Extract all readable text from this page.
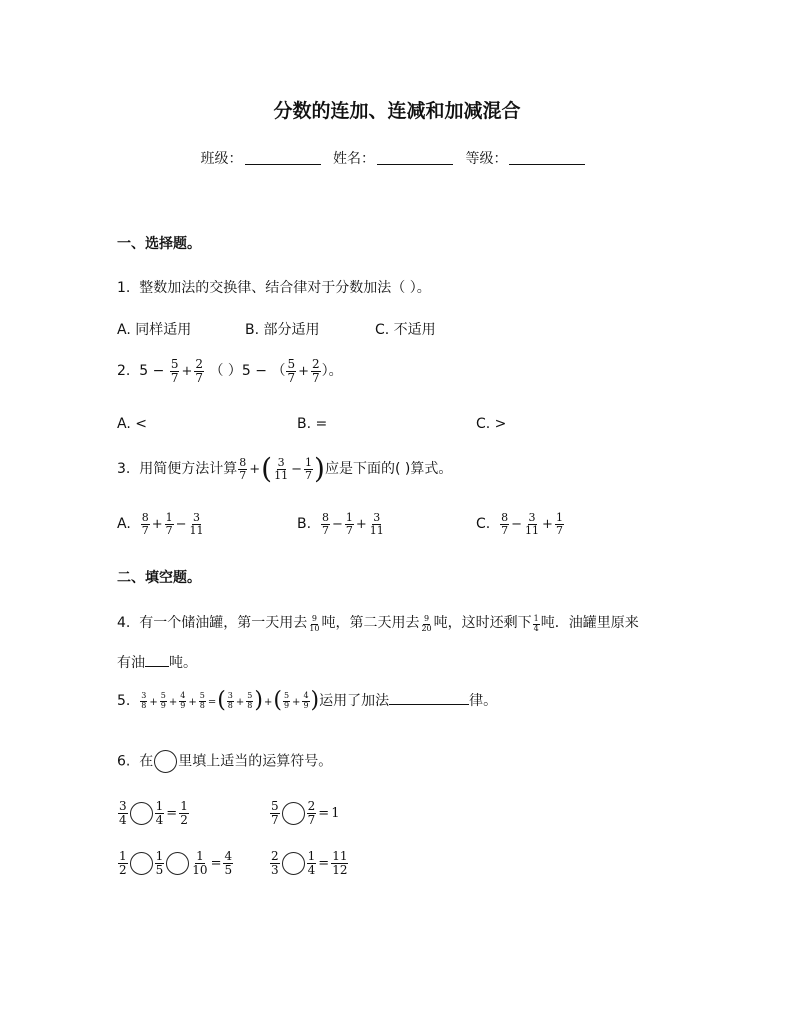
分数的连加、连减和加减混合
班级：	姓名：	等级：
一、选择题。
1. 整数加法的交换律、结合律对于分数加法（ ）。
A. 同样适用	B. 部分适用	C. 不适用
2. $5 - \frac{5}{7} + \frac{2}{7}$ （ ）5 − （ $\frac{5}{7} + \frac{2}{7}$ ）。
A. <	B. =	C. >
3. 用简便方法计算 $\frac{8}{7}$ +( $\frac{3}{11} - \frac{1}{7}$ )应是下面的( )算式。
A. $\frac{8}{7} + \frac{1}{7} - \frac{3}{11}$	B. $\frac{8}{7} - \frac{1}{7} + \frac{3}{11}$	C. $\frac{8}{7} - \frac{3}{11} + \frac{1}{7}$
二、填空题。
4. 有一个储油罐，第一天用去 $\frac{9}{10}$ 吨，第二天用去 $\frac{9}{20}$ 吨，这时还剩下 $\frac{1}{4}$ 吨．油罐里原来
有油 吨。
5. $\frac{3}{8} + \frac{5}{9} + \frac{4}{9} + \frac{5}{8}$ =( $\frac{3}{8} + \frac{5}{8}$ )+( $\frac{5}{9} + \frac{4}{9}$ )运用了加法	律。
6. 在 里填上适当的运算符号。
$\frac{3}{4} \frac{1}{4} = \frac{1}{2}$	$\frac{5}{7} \frac{2}{7} = 1$
$\frac{1}{2} \frac{1}{5} \frac{1}{10} = \frac{4}{5}$	$\frac{2}{3} \frac{1}{4} = \frac{11}{12}$
